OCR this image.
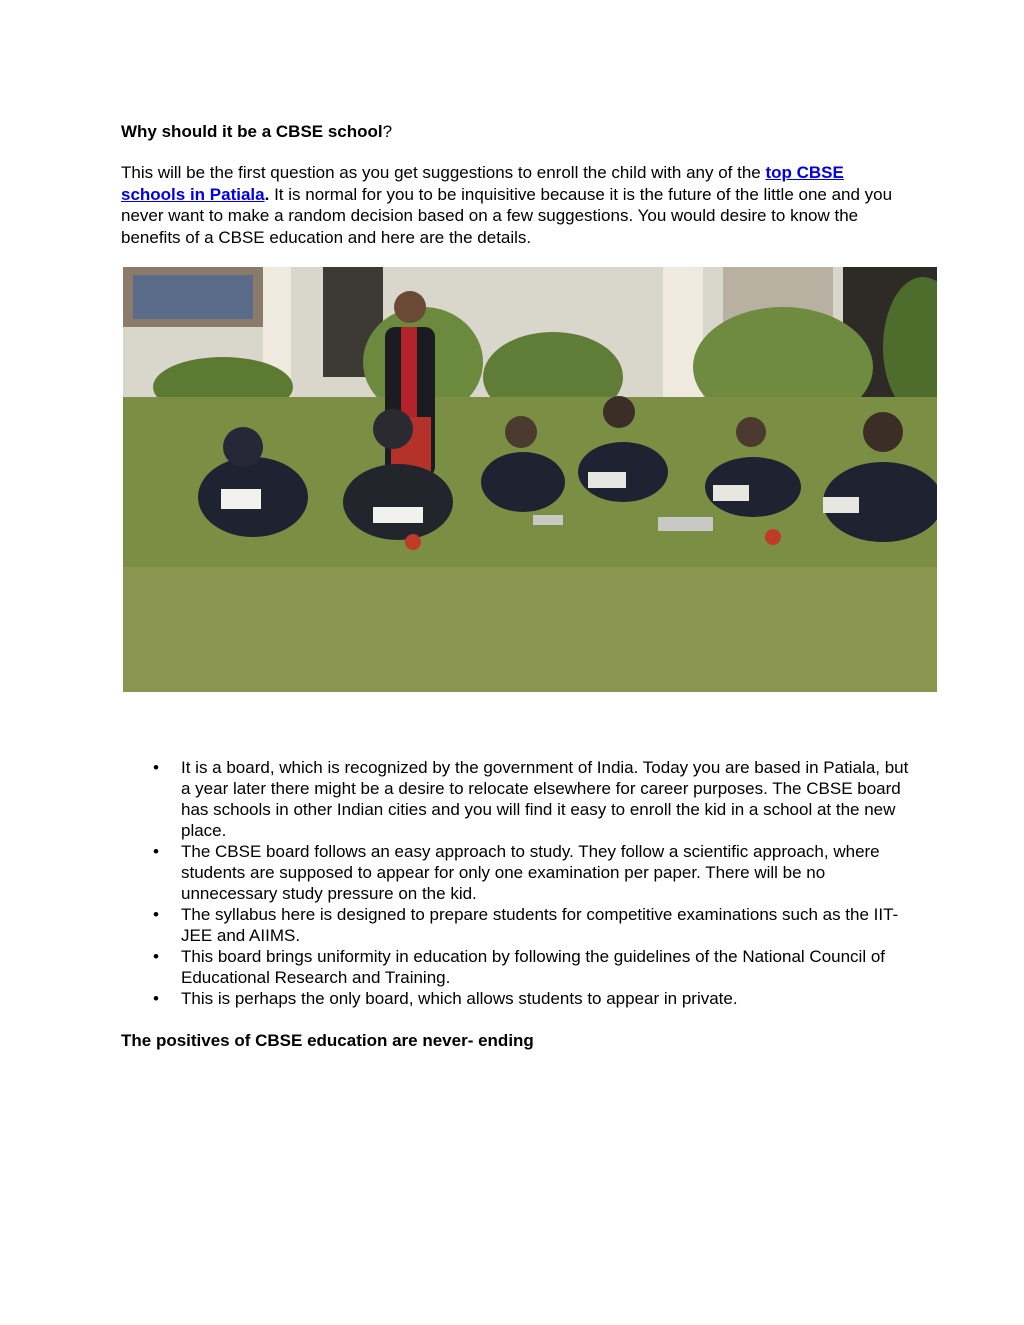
Why should it be a CBSE school?

This will be the first question as you get suggestions to enroll the child with any of the top CBSE schools in Patiala. It is normal for you to be inquisitive because it is the future of the little one and you never want to make a random decision based on a few suggestions. You would desire to know the benefits of a CBSE education and here are the details.

• It is a board, which is recognized by the government of India. Today you are based in Patiala, but a year later there might be a desire to relocate elsewhere for career purposes. The CBSE board has schools in other Indian cities and you will find it easy to enroll the kid in a school at the new place.
• The CBSE board follows an easy approach to study. They follow a scientific approach, where students are supposed to appear for only one examination per paper. There will be no unnecessary study pressure on the kid.
• The syllabus here is designed to prepare students for competitive examinations such as the IIT-JEE and AIIMS.
• This board brings uniformity in education by following the guidelines of the National Council of Educational Research and Training.
• This is perhaps the only board, which allows students to appear in private.
The positives of CBSE education are never- ending
